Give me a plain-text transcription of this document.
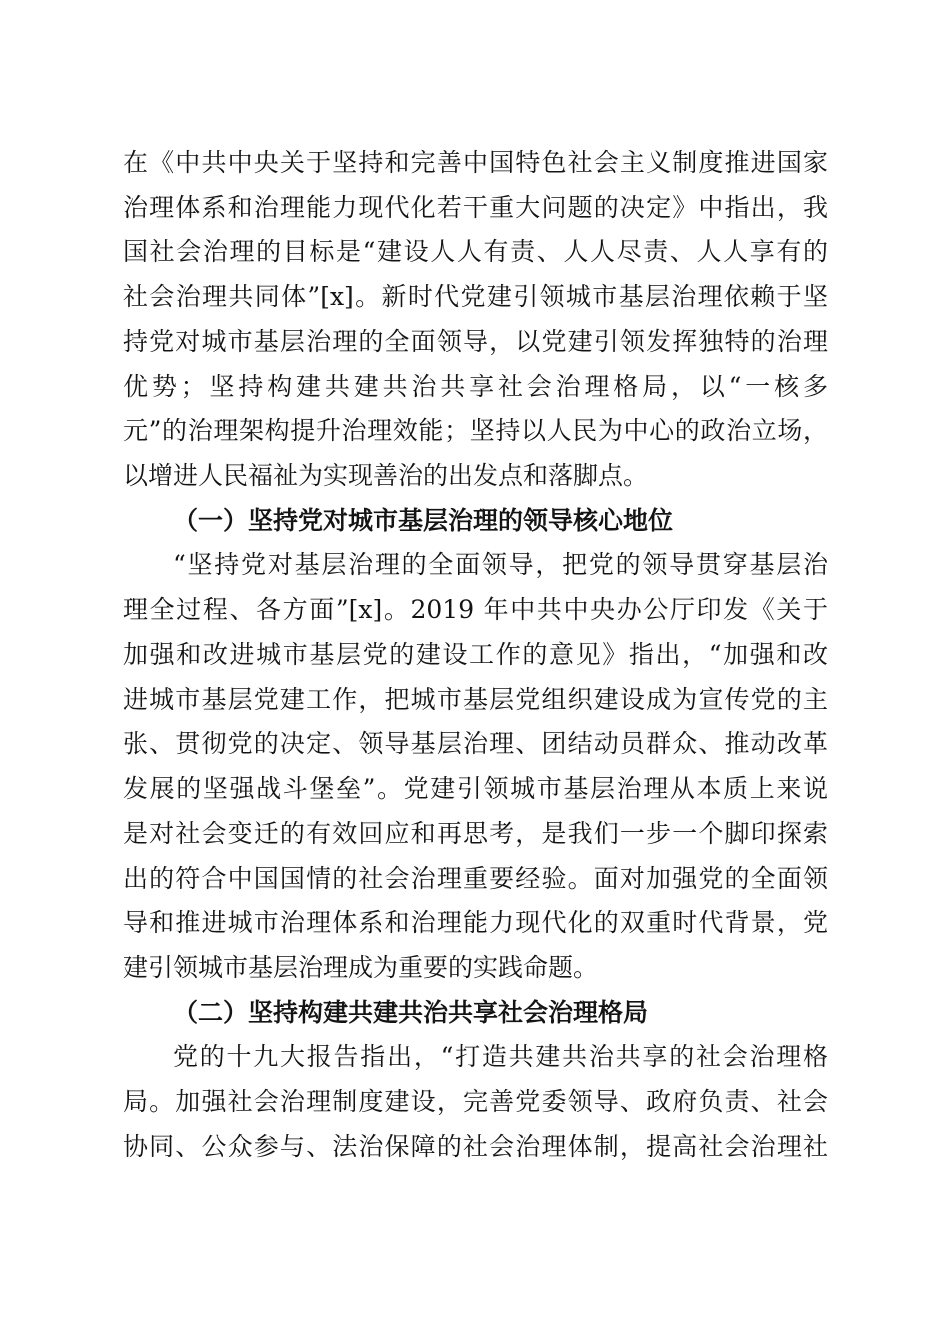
在《中共中央关于坚持和完善中国特色社会主义制度推进国家
治理体系和治理能力现代化若干重大问题的决定》中指出，我
国社会治理的目标是“建设人人有责、人人尽责、人人享有的
社会治理共同体”[x]。新时代党建引领城市基层治理依赖于坚
持党对城市基层治理的全面领导，以党建引领发挥独特的治理
优势；坚持构建共建共治共享社会治理格局，以“一核多
元”的治理架构提升治理效能；坚持以人民为中心的政治立场，
以增进人民福祉为实现善治的出发点和落脚点。
（一）坚持党对城市基层治理的领导核心地位
“坚持党对基层治理的全面领导，把党的领导贯穿基层治
理全过程、各方面”[x]。2019 年中共中央办公厅印发《关于
加强和改进城市基层党的建设工作的意见》指出，“加强和改
进城市基层党建工作，把城市基层党组织建设成为宣传党的主
张、贯彻党的决定、领导基层治理、团结动员群众、推动改革
发展的坚强战斗堡垒”。党建引领城市基层治理从本质上来说
是对社会变迁的有效回应和再思考，是我们一步一个脚印探索
出的符合中国国情的社会治理重要经验。面对加强党的全面领
导和推进城市治理体系和治理能力现代化的双重时代背景，党
建引领城市基层治理成为重要的实践命题。
（二）坚持构建共建共治共享社会治理格局
党的十九大报告指出，“打造共建共治共享的社会治理格
局。加强社会治理制度建设，完善党委领导、政府负责、社会
协同、公众参与、法治保障的社会治理体制，提高社会治理社
